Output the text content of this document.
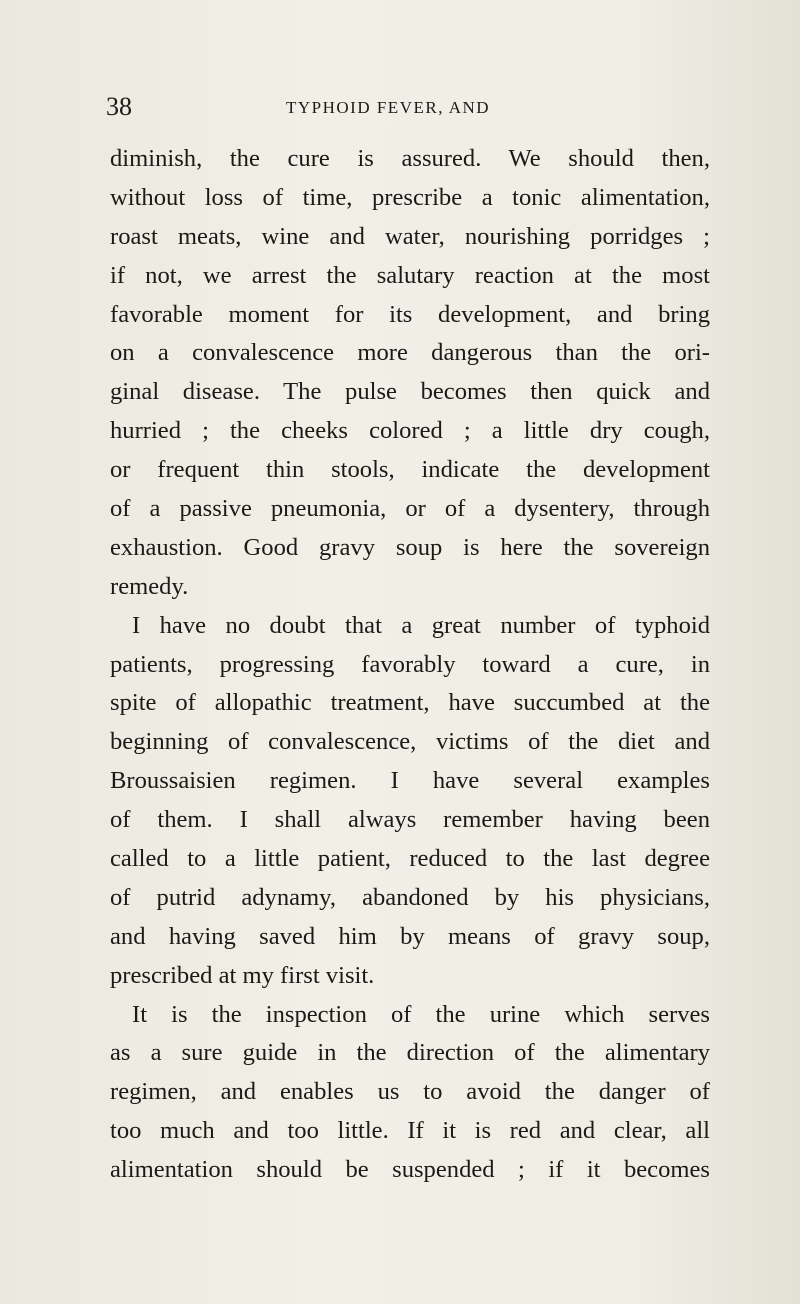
38	TYPHOID FEVER, AND
diminish, the cure is assured. We should then,
without loss of time, prescribe a tonic alimentation,
roast meats, wine and water, nourishing porridges ;
if not, we arrest the salutary reaction at the most
favorable moment for its development, and bring
on a convalescence more dangerous than the ori-
ginal disease. The pulse becomes then quick and
hurried ; the cheeks colored ; a little dry cough,
or frequent thin stools, indicate the development
of a passive pneumonia, or of a dysentery, through
exhaustion. Good gravy soup is here the sovereign
remedy.
I have no doubt that a great number of typhoid
patients, progressing favorably toward a cure, in
spite of allopathic treatment, have succumbed at the
beginning of convalescence, victims of the diet and
Broussaisien regimen. I have several examples
of them. I shall always remember having been
called to a little patient, reduced to the last degree
of putrid adynamy, abandoned by his physicians,
and having saved him by means of gravy soup,
prescribed at my first visit.
It is the inspection of the urine which serves
as a sure guide in the direction of the alimentary
regimen, and enables us to avoid the danger of
too much and too little. If it is red and clear, all
alimentation should be suspended ; if it becomes
